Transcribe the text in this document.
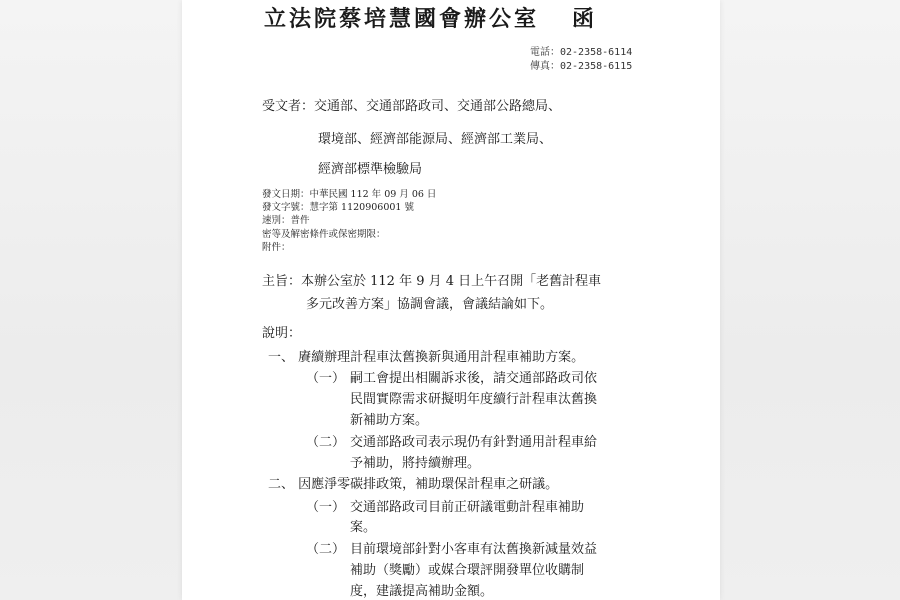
立法院蔡培慧國會辦公室 函
電話：02-2358-6114
傳真：02-2358-6115
受文者：交通部、交通部路政司、交通部公路總局、
環境部、經濟部能源局、經濟部工業局、
經濟部標準檢驗局
發文日期：中華民國 112 年 09 月 06 日
發文字號：慧字第 1120906001 號
速別：普件
密等及解密條件或保密期限：
附件：
主旨：本辦公室於 112 年 9 月 4 日上午召開「老舊計程車
多元改善方案」協調會議，會議結論如下。
說明：
一、 賡續辦理計程車汰舊換新與通用計程車補助方案。
（一） 嗣工會提出相關訴求後，請交通部路政司依
民間實際需求研擬明年度續行計程車汰舊換
新補助方案。
（二） 交通部路政司表示現仍有針對通用計程車給
予補助，將持續辦理。
二、 因應淨零碳排政策，補助環保計程車之研議。
（一） 交通部路政司目前正研議電動計程車補助
案。
（二） 目前環境部針對小客車有汰舊換新減量效益
補助（獎勵）或媒合環評開發單位收購制
度，建議提高補助金額。
